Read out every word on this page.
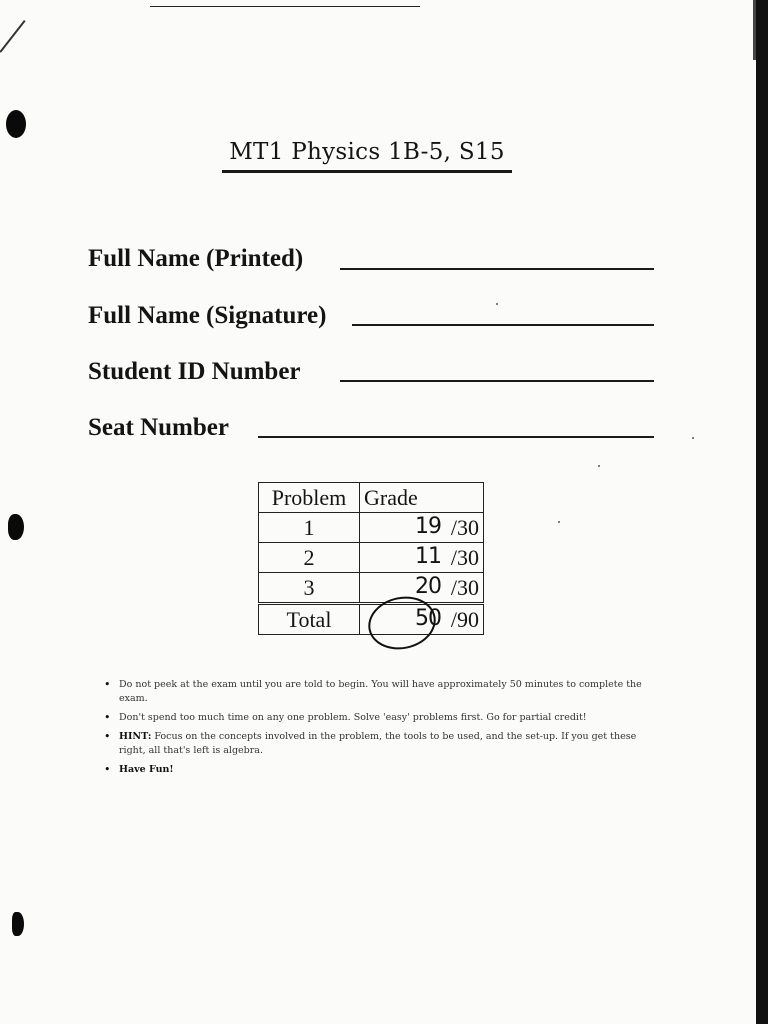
MT1 Physics 1B-5, S15
Full Name (Printed)
Full Name (Signature)
Student ID Number
Seat Number
Problem	Grade
1	19 /30
2	11 /30
3	20 /30
Total	50 /90
• Do not peek at the exam until you are told to begin. You will have approximately 50 minutes to complete the exam.
• Don't spend too much time on any one problem. Solve 'easy' problems first. Go for partial credit!
• HINT: Focus on the concepts involved in the problem, the tools to be used, and the set-up. If you get these right, all that's left is algebra.
• Have Fun!
